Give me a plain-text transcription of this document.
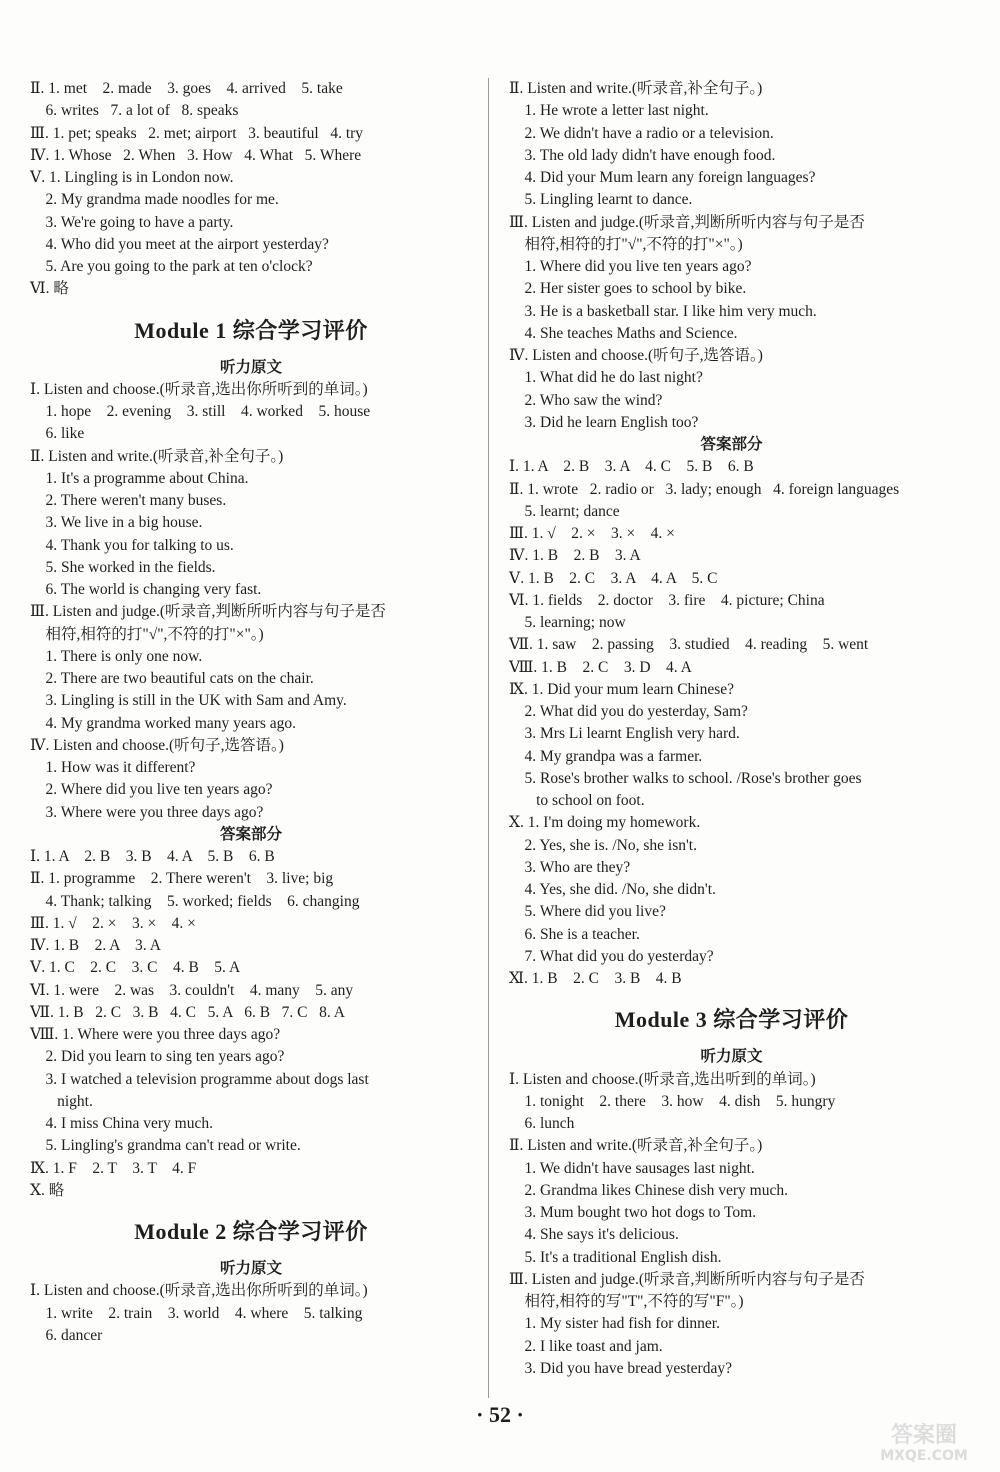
Ⅱ. 1. met    2. made    3. goes    4. arrived    5. take
6. writes   7. a lot of   8. speaks
Ⅲ. 1. pet; speaks   2. met; airport   3. beautiful   4. try
Ⅳ. 1. Whose   2. When   3. How   4. What   5. Where
Ⅴ. 1. Lingling is in London now.
2. My grandma made noodles for me.
3. We're going to have a party.
4. Who did you meet at the airport yesterday?
5. Are you going to the park at ten o'clock?
Ⅵ. 略
Module 1 综合学习评价
听力原文
Ⅰ. Listen and choose.(听录音,选出你所听到的单词。)
1. hope    2. evening    3. still    4. worked    5. house
6. like
Ⅱ. Listen and write.(听录音,补全句子。)
1. It's a programme about China.
2. There weren't many buses.
3. We live in a big house.
4. Thank you for talking to us.
5. She worked in the fields.
6. The world is changing very fast.
Ⅲ. Listen and judge.(听录音,判断所听内容与句子是否
相符,相符的打"√",不符的打"×"。)
1. There is only one now.
2. There are two beautiful cats on the chair.
3. Lingling is still in the UK with Sam and Amy.
4. My grandma worked many years ago.
Ⅳ. Listen and choose.(听句子,选答语。)
1. How was it different?
2. Where did you live ten years ago?
3. Where were you three days ago?
答案部分
Ⅰ. 1. A    2. B    3. B    4. A    5. B    6. B
Ⅱ. 1. programme    2. There weren't    3. live; big
4. Thank; talking    5. worked; fields    6. changing
Ⅲ. 1. √    2. ×    3. ×    4. ×
Ⅳ. 1. B    2. A    3. A
Ⅴ. 1. C    2. C    3. C    4. B    5. A
Ⅵ. 1. were    2. was    3. couldn't    4. many    5. any
Ⅶ. 1. B   2. C   3. B   4. C   5. A   6. B   7. C   8. A
Ⅷ. 1. Where were you three days ago?
2. Did you learn to sing ten years ago?
3. I watched a television programme about dogs last
night.
4. I miss China very much.
5. Lingling's grandma can't read or write.
Ⅸ. 1. F    2. T    3. T    4. F
Ⅹ. 略
Module 2 综合学习评价
听力原文
Ⅰ. Listen and choose.(听录音,选出你所听到的单词。)
1. write    2. train    3. world    4. where    5. talking
6. dancer
Ⅱ. Listen and write.(听录音,补全句子。)
1. He wrote a letter last night.
2. We didn't have a radio or a television.
3. The old lady didn't have enough food.
4. Did your Mum learn any foreign languages?
5. Lingling learnt to dance.
Ⅲ. Listen and judge.(听录音,判断所听内容与句子是否
相符,相符的打"√",不符的打"×"。)
1. Where did you live ten years ago?
2. Her sister goes to school by bike.
3. He is a basketball star. I like him very much.
4. She teaches Maths and Science.
Ⅳ. Listen and choose.(听句子,选答语。)
1. What did he do last night?
2. Who saw the wind?
3. Did he learn English too?
答案部分
Ⅰ. 1. A    2. B    3. A    4. C    5. B    6. B
Ⅱ. 1. wrote   2. radio or   3. lady; enough   4. foreign languages
5. learnt; dance
Ⅲ. 1. √    2. ×    3. ×    4. ×
Ⅳ. 1. B    2. B    3. A
Ⅴ. 1. B    2. C    3. A    4. A    5. C
Ⅵ. 1. fields    2. doctor    3. fire    4. picture; China
5. learning; now
Ⅶ. 1. saw    2. passing    3. studied    4. reading    5. went
Ⅷ. 1. B    2. C    3. D    4. A
Ⅸ. 1. Did your mum learn Chinese?
2. What did you do yesterday, Sam?
3. Mrs Li learnt English very hard.
4. My grandpa was a farmer.
5. Rose's brother walks to school. /Rose's brother goes
to school on foot.
Ⅹ. 1. I'm doing my homework.
2. Yes, she is. /No, she isn't.
3. Who are they?
4. Yes, she did. /No, she didn't.
5. Where did you live?
6. She is a teacher.
7. What did you do yesterday?
Ⅺ. 1. B    2. C    3. B    4. B
Module 3 综合学习评价
听力原文
Ⅰ. Listen and choose.(听录音,选出听到的单词。)
1. tonight    2. there    3. how    4. dish    5. hungry
6. lunch
Ⅱ. Listen and write.(听录音,补全句子。)
1. We didn't have sausages last night.
2. Grandma likes Chinese dish very much.
3. Mum bought two hot dogs to Tom.
4. She says it's delicious.
5. It's a traditional English dish.
Ⅲ. Listen and judge.(听录音,判断所听内容与句子是否
相符,相符的写"T",不符的写"F"。)
1. My sister had fish for dinner.
2. I like toast and jam.
3. Did you have bread yesterday?
· 52 ·
答案圈
MXQE.COM
